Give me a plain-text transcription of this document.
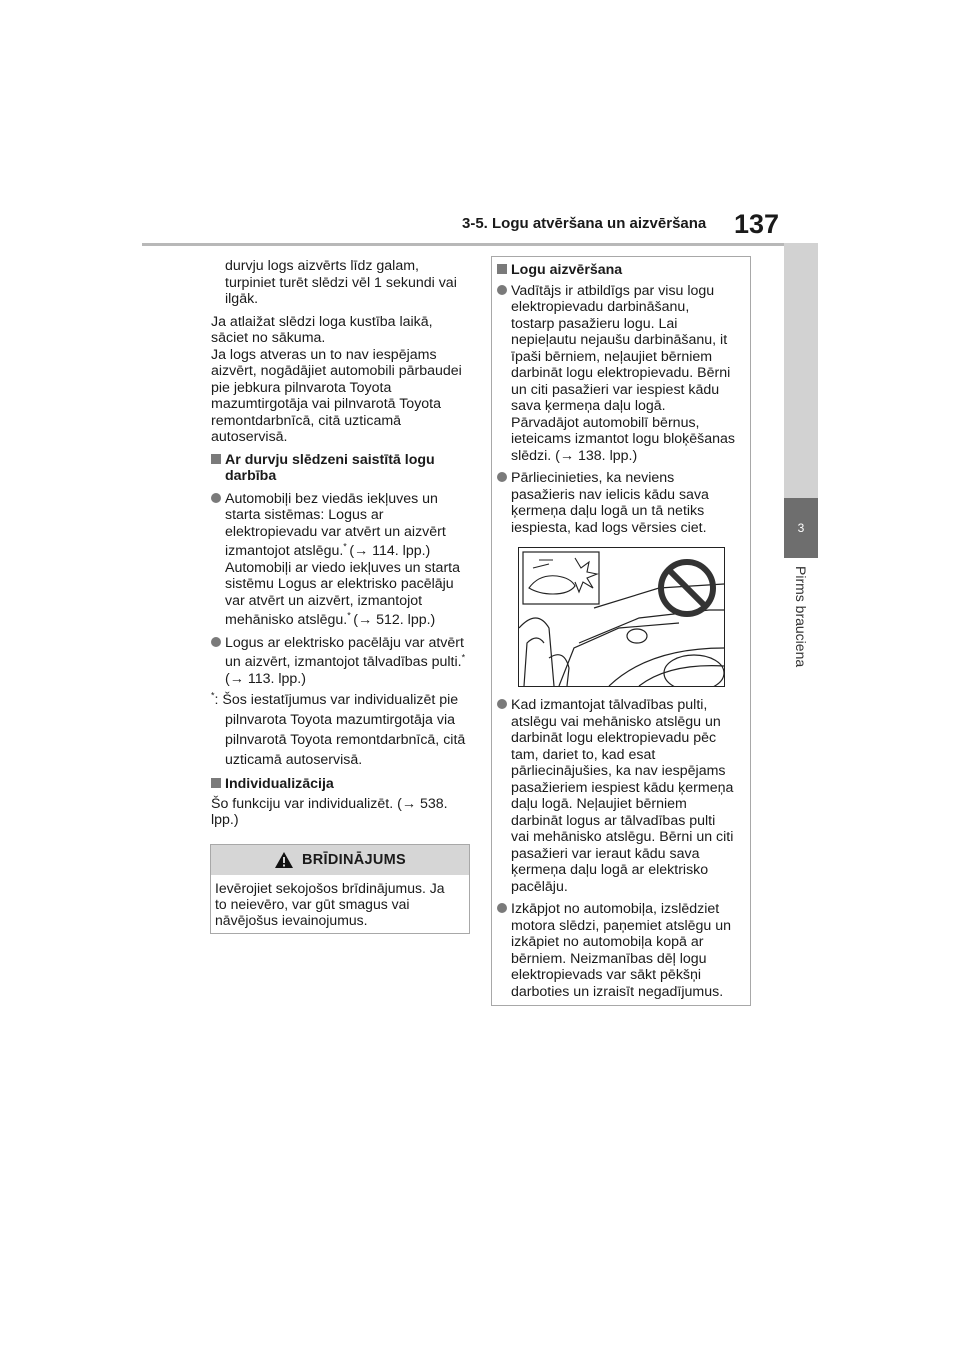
3-5. Logu atvēršana un aizvēršana 137
3
Pirms brauciena

durvju logs aizvērts līdz galam,

turpiniet turēt slēdzi vēl 1 sekundi vai

ilgāk.

Ja atlaižat slēdzi loga kustība laikā,

sāciet no sākuma.

Ja logs atveras un to nav iespējams

aizvērt, nogādājiet automobili pārbaudei

pie jebkura pilnvarota Toyota

mazumtirgotāja vai pilnvarotā Toyota

remontdarbnīcā, citā uzticamā

autoservisā.

Ar durvju slēdzeni saistītā logu

darbība

Automobiļi bez viedās iekļuves un

starta sistēmas: Logus ar

elektropievadu var atvērt un aizvērt

izmantojot atslēgu.* (→ 114. lpp.)

Automobiļi ar viedo iekļuves un starta

sistēmu Logus ar elektrisko pacēlāju

var atvērt un aizvērt, izmantojot

mehānisko atslēgu.* (→ 512. lpp.)

Logus ar elektrisko pacēlāju var atvērt

un aizvērt, izmantojot tālvadības pulti.*

(→ 113. lpp.)

*: Šos iestatījumus var individualizēt pie

pilnvarota Toyota mazumtirgotāja via

pilnvarotā Toyota remontdarbnīcā, citā

uzticamā autoservisā.

Individualizācija

Šo funkciju var individualizēt. (→ 538.

lpp.)

BRĪDINĀJUMS

Ievērojiet sekojošos brīdinājumus. Ja

to neievēro, var gūt smagus vai

nāvējošus ievainojumus.

Logu aizvēršana

Vadītājs ir atbildīgs par visu logu

elektropievadu darbināšanu,

tostarp pasažieru logu. Lai

nepieļautu nejaušu darbināšanu, it

īpaši bērniem, neļaujiet bērniem

darbināt logu elektropievadu. Bērni

un citi pasažieri var iespiest kādu

sava ķermeņa daļu logā.

Pārvadājot automobilī bērnus,

ieteicams izmantot logu bloķēšanas

slēdzi. (→ 138. lpp.)

Pārliecinieties, ka neviens

pasažieris nav ielicis kādu sava

ķermeņa daļu logā un tā netiks

iespiesta, kad logs vērsies ciet.

Kad izmantojat tālvadības pulti,

atslēgu vai mehānisko atslēgu un

darbināt logu elektropievadu pēc

tam, dariet to, kad esat

pārliecinājušies, ka nav iespējams

pasažieriem iespiest kādu ķermeņa

daļu logā. Neļaujiet bērniem

darbināt logus ar tālvadības pulti

vai mehānisko atslēgu. Bērni un citi

pasažieri var ieraut kādu sava

ķermeņa daļu logā ar elektrisko

pacēlāju.

Izkāpjot no automobiļa, izslēdziet

motora slēdzi, paņemiet atslēgu un

izkāpiet no automobiļa kopā ar

bērniem. Neizmanības dēļ logu

elektropievads var sākt pēkšņi

darboties un izraisīt negadījumus.
